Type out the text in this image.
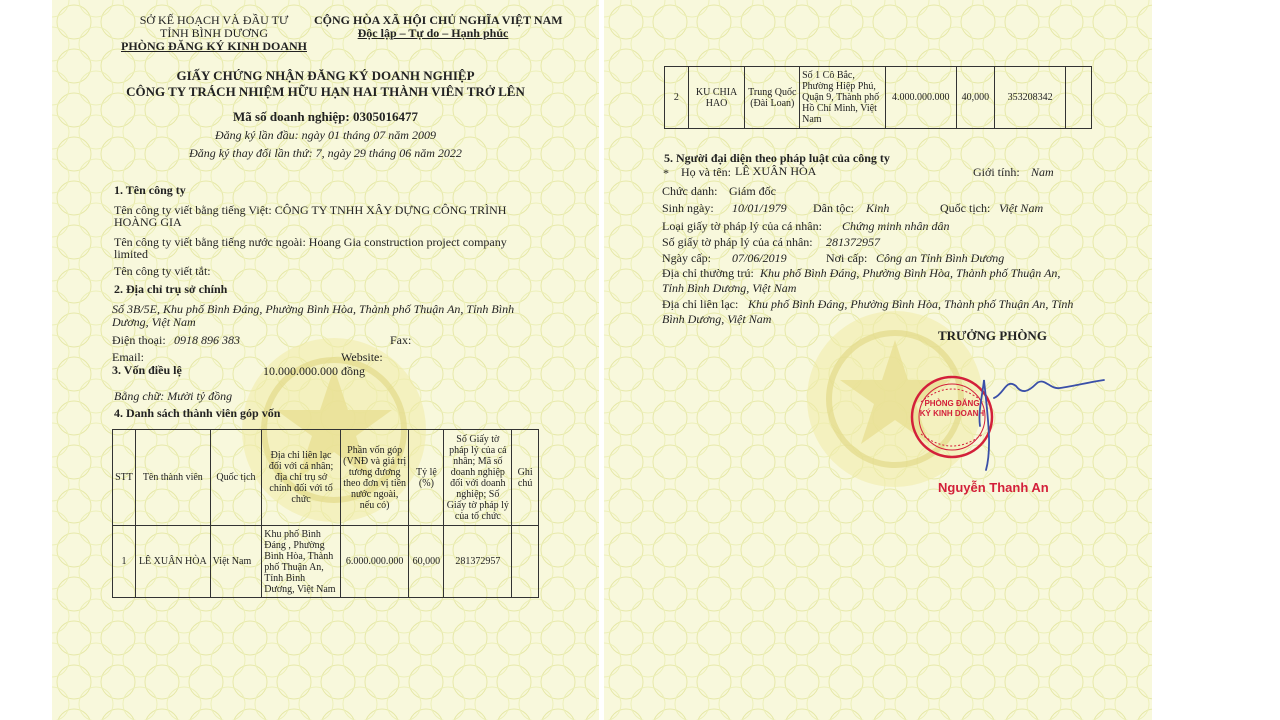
SỞ KẾ HOẠCH VÀ ĐẦU TƯ
TỈNH BÌNH DƯƠNG
PHÒNG ĐĂNG KÝ KINH DOANH
CỘNG HÒA XÃ HỘI CHỦ NGHĨA VIỆT NAM
Độc lập – Tự do – Hạnh phúc
GIẤY CHỨNG NHẬN ĐĂNG KÝ DOANH NGHIỆP
CÔNG TY TRÁCH NHIỆM HỮU HẠN HAI THÀNH VIÊN TRỞ LÊN
Mã số doanh nghiệp: 0305016477
Đăng ký lần đầu: ngày 01 tháng 07 năm 2009
Đăng ký thay đổi lần thứ: 7, ngày 29 tháng 06 năm 2022
1. Tên công ty
Tên công ty viết bằng tiếng Việt: CÔNG TY TNHH XÂY DỰNG CÔNG TRÌNH
HOÀNG GIA
Tên công ty viết bằng tiếng nước ngoài: Hoang Gia construction project company
limited
Tên công ty viết tắt:
2. Địa chỉ trụ sở chính
Số 3B/5E, Khu phố Bình Đáng, Phường Bình Hòa, Thành phố Thuận An, Tỉnh Bình
Dương, Việt Nam
Điện thoại: 0918 896 383	Fax:
Email:	Website:
3. Vốn điều lệ	10.000.000.000 đồng
Bằng chữ: Mười tỷ đồng
4. Danh sách thành viên góp vốn
STT	Tên thành viên	Quốc tịch	Địa chỉ liên lạc đối với cá nhân; địa chỉ trụ sở chính đối với tổ chức	Phần vốn góp (VNĐ và giá trị tương đương theo đơn vị tiền nước ngoài, nếu có)	Tỷ lệ (%)	Số Giấy tờ pháp lý của cá nhân; Mã số doanh nghiệp đối với doanh nghiệp; Số Giấy tờ pháp lý của tổ chức	Ghi chú
1	LÊ XUÂN HÒA	Việt Nam	Khu phố Bình Đáng , Phường Bình Hòa, Thành phố Thuận An, Tỉnh Bình Dương, Việt Nam	6.000.000.000	60,000	281372957	
2	KU CHIA HAO	Trung Quốc (Đài Loan)	Số 1 Cô Bắc, Phường Hiệp Phú, Quận 9, Thành phố Hồ Chí Minh, Việt Nam	4.000.000.000	40,000	353208342	
5. Người đại diện theo pháp luật của công ty
* Họ và tên: LÊ XUÂN HÒA	Giới tính: Nam
Chức danh: Giám đốc
Sinh ngày: 10/01/1979 Dân tộc: Kinh	Quốc tịch: Việt Nam
Loại giấy tờ pháp lý của cá nhân: Chứng minh nhân dân
Số giấy tờ pháp lý của cá nhân: 281372957
Ngày cấp: 07/06/2019	Nơi cấp: Công an Tỉnh Bình Dương
Địa chỉ thường trú: Khu phố Bình Đáng, Phường Bình Hòa, Thành phố Thuận An,
Tỉnh Bình Dương, Việt Nam
Địa chỉ liên lạc: Khu phố Bình Đáng, Phường Bình Hòa, Thành phố Thuận An, Tỉnh
Bình Dương, Việt Nam
TRƯỞNG PHÒNG
PHÒNG ĐĂNG KÝ KINH DOANH
Nguyễn Thanh An
